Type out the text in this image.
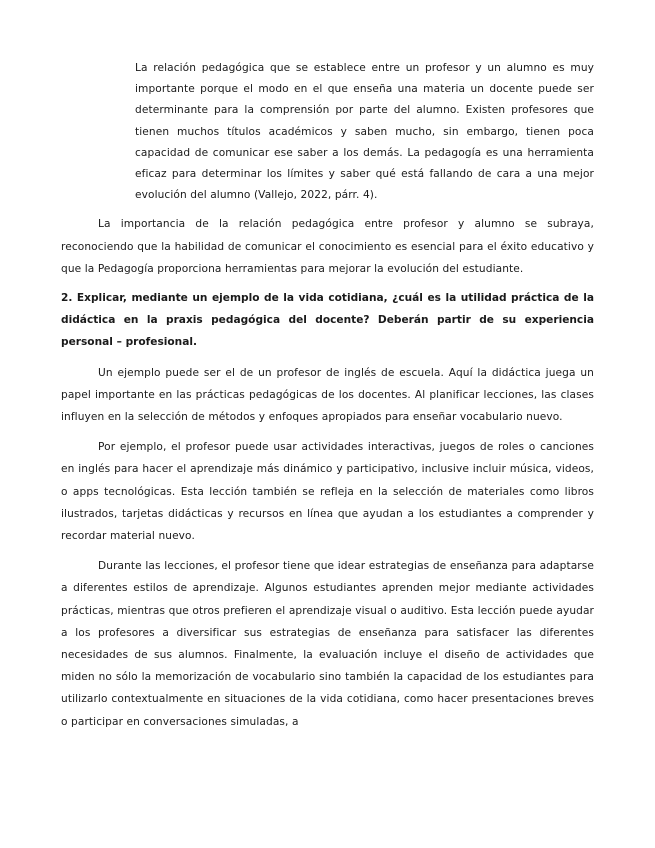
La relación pedagógica que se establece entre un profesor y un alumno es muy importante porque el modo en el que enseña una materia un docente puede ser determinante para la comprensión por parte del alumno. Existen profesores que tienen muchos títulos académicos y saben mucho, sin embargo, tienen poca capacidad de comunicar ese saber a los demás. La pedagogía es una herramienta eficaz para determinar los límites y saber qué está fallando de cara a una mejor evolución del alumno (Vallejo, 2022, párr. 4).

La importancia de la relación pedagógica entre profesor y alumno se subraya, reconociendo que la habilidad de comunicar el conocimiento es esencial para el éxito educativo y que la Pedagogía proporciona herramientas para mejorar la evolución del estudiante.

2. Explicar, mediante un ejemplo de la vida cotidiana, ¿cuál es la utilidad práctica de la didáctica en la praxis pedagógica del docente? Deberán partir de su experiencia personal – profesional.

Un ejemplo puede ser el de un profesor de inglés de escuela. Aquí la didáctica juega un papel importante en las prácticas pedagógicas de los docentes. Al planificar lecciones, las clases influyen en la selección de métodos y enfoques apropiados para enseñar vocabulario nuevo.

Por ejemplo, el profesor puede usar actividades interactivas, juegos de roles o canciones en inglés para hacer el aprendizaje más dinámico y participativo, inclusive incluir música, videos, o apps tecnológicas. Esta lección también se refleja en la selección de materiales como libros ilustrados, tarjetas didácticas y recursos en línea que ayudan a los estudiantes a comprender y recordar material nuevo.

Durante las lecciones, el profesor tiene que idear estrategias de enseñanza para adaptarse a diferentes estilos de aprendizaje. Algunos estudiantes aprenden mejor mediante actividades prácticas, mientras que otros prefieren el aprendizaje visual o auditivo. Esta lección puede ayudar a los profesores a diversificar sus estrategias de enseñanza para satisfacer las diferentes necesidades de sus alumnos. Finalmente, la evaluación incluye el diseño de actividades que miden no sólo la memorización de vocabulario sino también la capacidad de los estudiantes para utilizarlo contextualmente en situaciones de la vida cotidiana, como hacer presentaciones breves o participar en conversaciones simuladas, a
